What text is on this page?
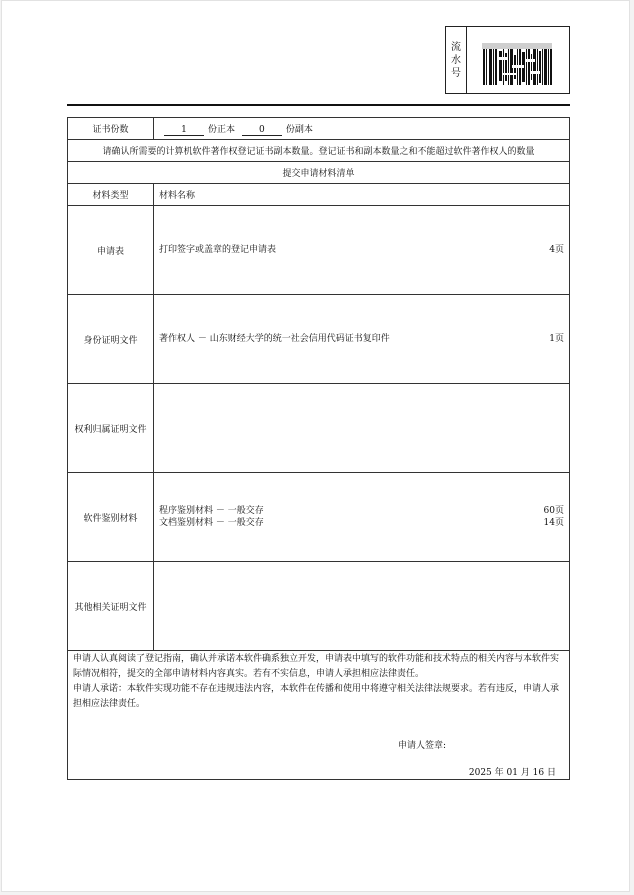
流水号
证书份数	1 份正本 0 份副本
请确认所需要的计算机软件著作权登记证书副本数量。登记证书和副本数量之和不能超过软件著作权人的数量	
提交申请材料清单	
材料类型	材料名称
申请表	打印签字或盖章的登记申请表 4页

身份证明文件	著作权人 － 山东财经大学的统一社会信用代码证书复印件 1页

权利归属证明文件	
软件鉴别材料	程序鉴别材料 － 一般交存 60页
文档鉴别材料 － 一般交存 14页

其他相关证明文件	

申请人认真阅读了登记指南，确认并承诺本软件确系独立开发，申请表中填写的软件功能和技术特点的相关内容与本软件实际情况相符，提交的全部申请材料内容真实。若有不实信息，申请人承担相应法律责任。

申请人承诺：本软件实现功能不存在违规违法内容，本软件在传播和使用中将遵守相关法律法规要求。若有违反，申请人承担相应法律责任。

申请人签章:
2025 年 01 月 16 日	
